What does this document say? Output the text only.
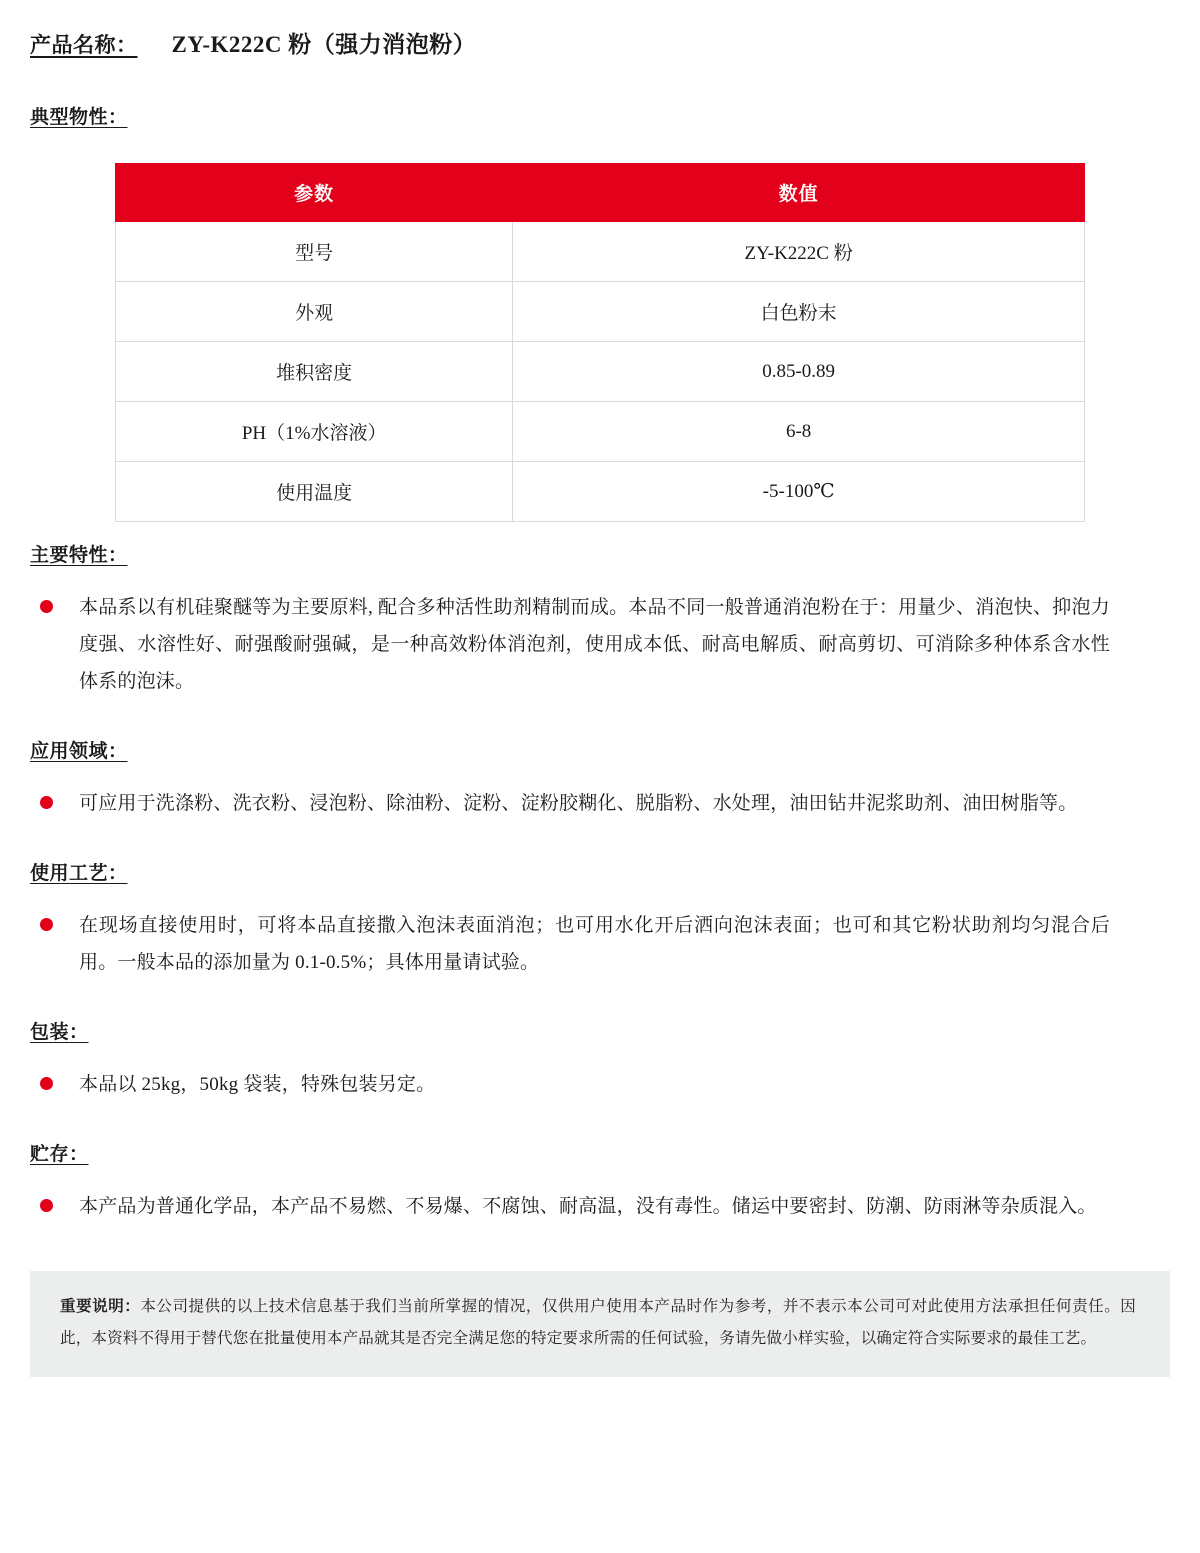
产品名称： ZY-K222C 粉（强力消泡粉）
典型物性：
参数	数值
型号	ZY-K222C 粉
外观	白色粉末
堆积密度	0.85-0.89
PH（1%水溶液）	6-8
使用温度	-5-100℃
主要特性：
本品系以有机硅聚醚等为主要原料, 配合多种活性助剂精制而成。本品不同一般普通消泡粉在于：用量少、消泡快、抑泡力度强、水溶性好、耐强酸耐强碱，是一种高效粉体消泡剂，使用成本低、耐高电解质、耐高剪切、可消除多种体系含水性体系的泡沫。
应用领域：
可应用于洗涤粉、洗衣粉、浸泡粉、除油粉、淀粉、淀粉胶糊化、脱脂粉、水处理，油田钻井泥浆助剂、油田树脂等。
使用工艺：
在现场直接使用时，可将本品直接撒入泡沫表面消泡；也可用水化开后洒向泡沫表面；也可和其它粉状助剂均匀混合后用。一般本品的添加量为 0.1-0.5%；具体用量请试验。
包装：
本品以 25kg，50kg 袋装，特殊包装另定。
贮存：
本产品为普通化学品，本产品不易燃、不易爆、不腐蚀、耐高温，没有毒性。储运中要密封、防潮、防雨淋等杂质混入。
重要说明：本公司提供的以上技术信息基于我们当前所掌握的情况，仅供用户使用本产品时作为参考，并不表示本公司可对此使用方法承担任何责任。因此，本资料不得用于替代您在批量使用本产品就其是否完全满足您的特定要求所需的任何试验，务请先做小样实验，以确定符合实际要求的最佳工艺。
